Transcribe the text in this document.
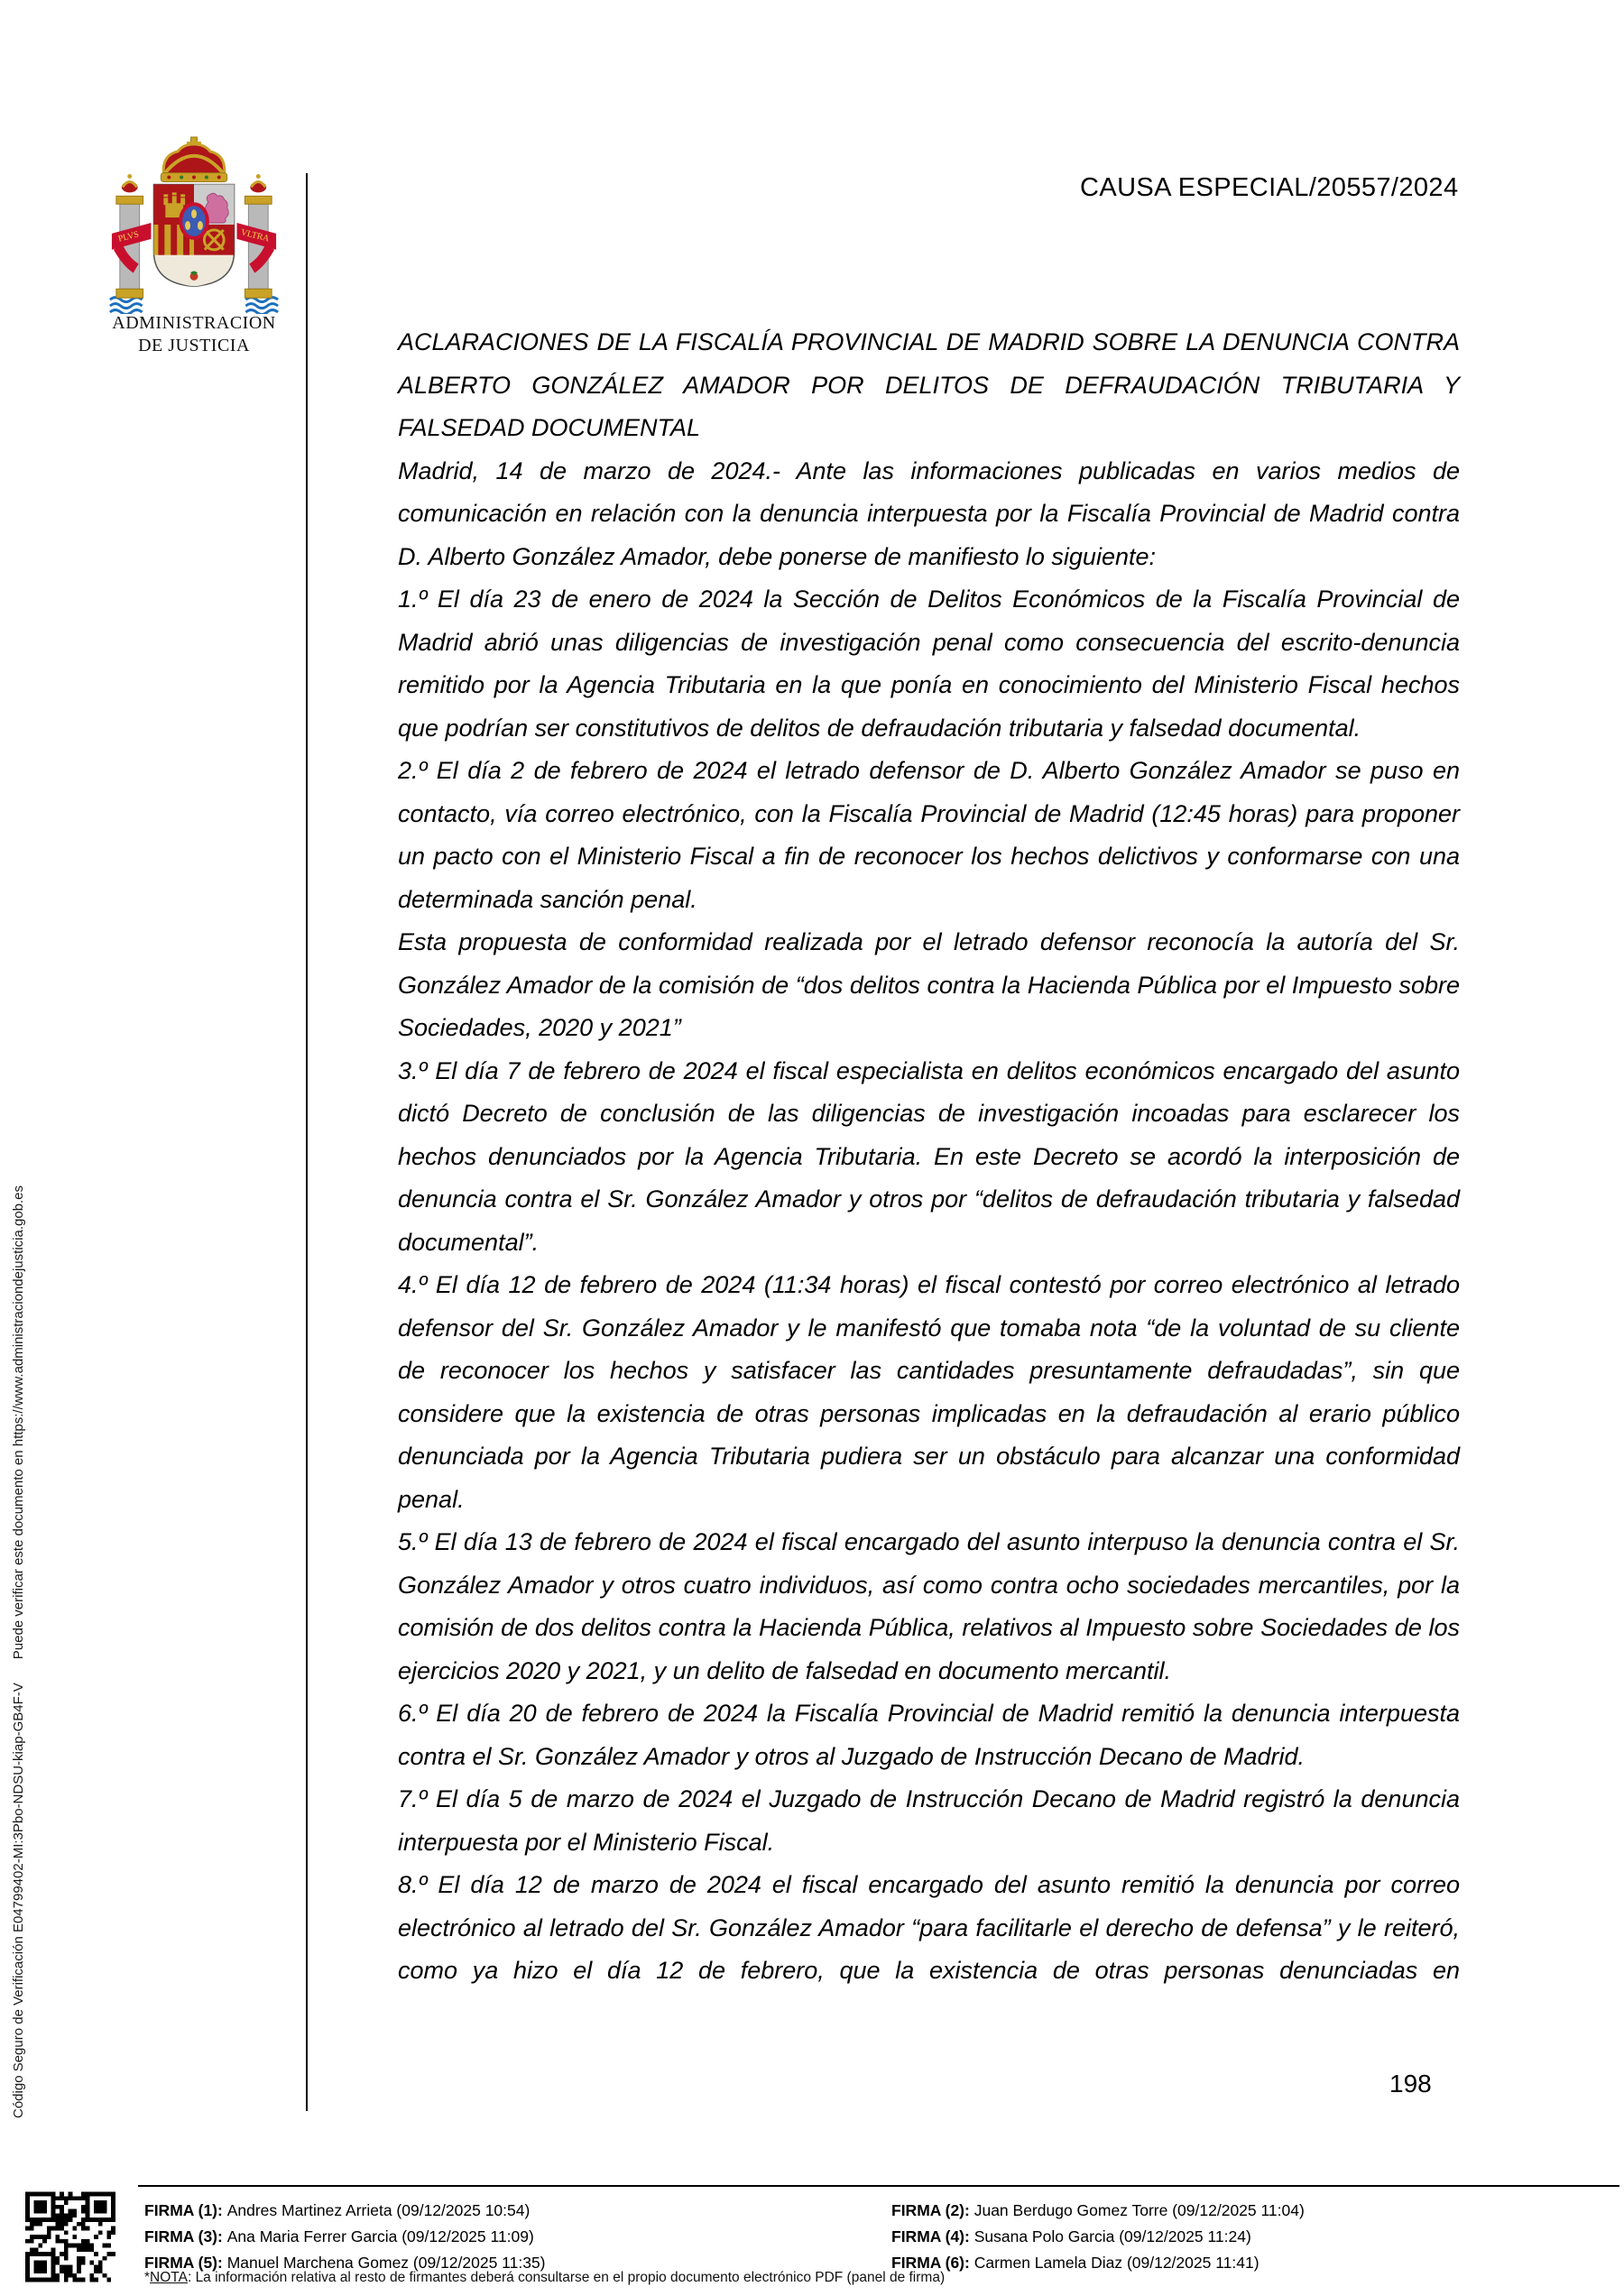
PLVS	VLTRA
ADMINISTRACION
DE JUSTICIA
CAUSA ESPECIAL/20557/2024

ACLARACIONES DE LA FISCALÍA PROVINCIAL DE MADRID SOBRE LA DENUNCIA CONTRA ALBERTO GONZÁLEZ AMADOR POR DELITOS DE DEFRAUDACIÓN TRIBUTARIA Y FALSEDAD DOCUMENTAL

Madrid, 14 de marzo de 2024.- Ante las informaciones publicadas en varios medios de comunicación en relación con la denuncia interpuesta por la Fiscalía Provincial de Madrid contra D. Alberto González Amador, debe ponerse de manifiesto lo siguiente:

1.º El día 23 de enero de 2024 la Sección de Delitos Económicos de la Fiscalía Provincial de Madrid abrió unas diligencias de investigación penal como consecuencia del escrito-denuncia remitido por la Agencia Tributaria en la que ponía en conocimiento del Ministerio Fiscal hechos que podrían ser constitutivos de delitos de defraudación tributaria y falsedad documental.

2.º El día 2 de febrero de 2024 el letrado defensor de D. Alberto González Amador se puso en contacto, vía correo electrónico, con la Fiscalía Provincial de Madrid (12:45 horas) para proponer un pacto con el Ministerio Fiscal a fin de reconocer los hechos delictivos y conformarse con una determinada sanción penal.

Esta propuesta de conformidad realizada por el letrado defensor reconocía la autoría del Sr. González Amador de la comisión de “dos delitos contra la Hacienda Pública por el Impuesto sobre Sociedades, 2020 y 2021”

3.º El día 7 de febrero de 2024 el fiscal especialista en delitos económicos encargado del asunto dictó Decreto de conclusión de las diligencias de investigación incoadas para esclarecer los hechos denunciados por la Agencia Tributaria. En este Decreto se acordó la interposición de denuncia contra el Sr. González Amador y otros por “delitos de defraudación tributaria y falsedad documental”.

4.º El día 12 de febrero de 2024 (11:34 horas) el fiscal contestó por correo electrónico al letrado defensor del Sr. González Amador y le manifestó que tomaba nota “de la voluntad de su cliente de reconocer los hechos y satisfacer las cantidades presuntamente defraudadas”, sin que considere que la existencia de otras personas implicadas en la defraudación al erario público denunciada por la Agencia Tributaria pudiera ser un obstáculo para alcanzar una conformidad penal.

5.º El día 13 de febrero de 2024 el fiscal encargado del asunto interpuso la denuncia contra el Sr. González Amador y otros cuatro individuos, así como contra ocho sociedades mercantiles, por la comisión de dos delitos contra la Hacienda Pública, relativos al Impuesto sobre Sociedades de los ejercicios 2020 y 2021, y un delito de falsedad en documento mercantil.

6.º El día 20 de febrero de 2024 la Fiscalía Provincial de Madrid remitió la denuncia interpuesta contra el Sr. González Amador y otros al Juzgado de Instrucción Decano de Madrid.

7.º El día 5 de marzo de 2024 el Juzgado de Instrucción Decano de Madrid registró la denuncia interpuesta por el Ministerio Fiscal.

8.º El día 12 de marzo de 2024 el fiscal encargado del asunto remitió la denuncia por correo electrónico al letrado del Sr. González Amador “para facilitarle el derecho de defensa” y le reiteró, como ya hizo el día 12 de febrero, que la existencia de otras personas denunciadas en

198
Código Seguro de Verificación E04799402-MI:3Pbo-NDSU-kiap-GB4F-V
Puede verificar este documento en https://www.administraciondejusticia.gob.es
FIRMA (1): Andres Martinez Arrieta (09/12/2025 10:54)
FIRMA (3): Ana Maria Ferrer Garcia (09/12/2025 11:09)
FIRMA (5): Manuel Marchena Gomez (09/12/2025 11:35)
FIRMA (2): Juan Berdugo Gomez Torre (09/12/2025 11:04)
FIRMA (4): Susana Polo Garcia (09/12/2025 11:24)
FIRMA (6): Carmen Lamela Diaz (09/12/2025 11:41)
*NOTA: La información relativa al resto de firmantes deberá consultarse en el propio documento electrónico PDF (panel de firma)
